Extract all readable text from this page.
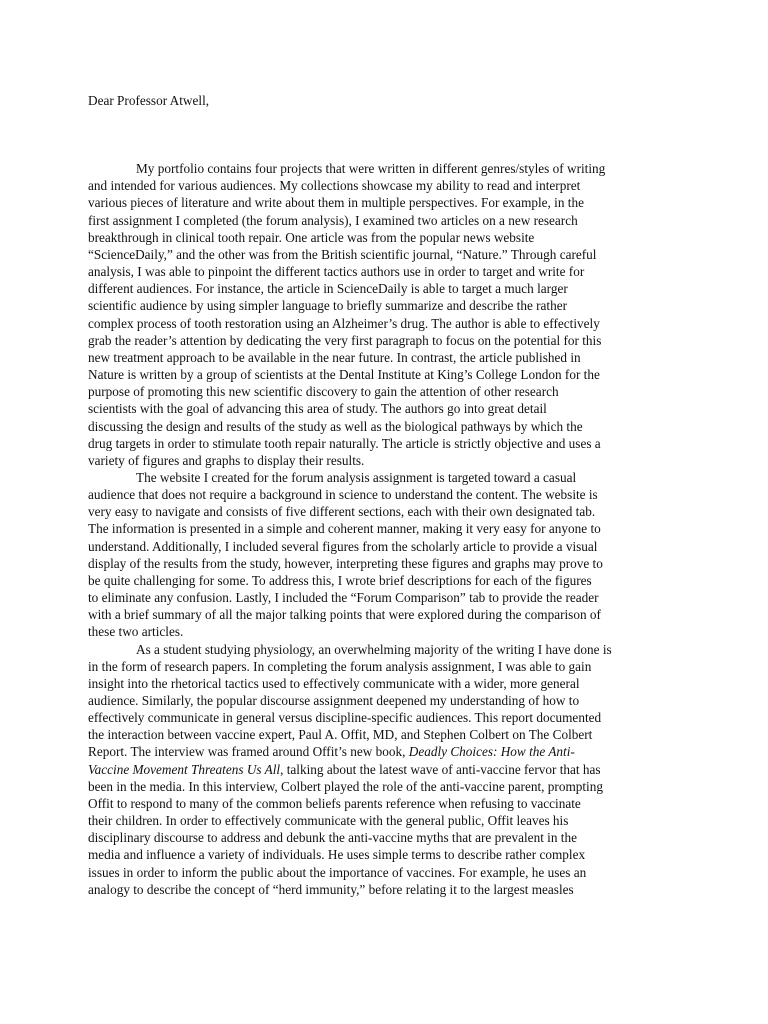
Dear Professor Atwell,

My portfolio contains four projects that were written in different genres/styles of writing
and intended for various audiences. My collections showcase my ability to read and interpret
various pieces of literature and write about them in multiple perspectives. For example, in the
first assignment I completed (the forum analysis), I examined two articles on a new research
breakthrough in clinical tooth repair. One article was from the popular news website
“ScienceDaily,” and the other was from the British scientific journal, “Nature.” Through careful
analysis, I was able to pinpoint the different tactics authors use in order to target and write for
different audiences. For instance, the article in ScienceDaily is able to target a much larger
scientific audience by using simpler language to briefly summarize and describe the rather
complex process of tooth restoration using an Alzheimer’s drug. The author is able to effectively
grab the reader’s attention by dedicating the very first paragraph to focus on the potential for this
new treatment approach to be available in the near future. In contrast, the article published in
Nature is written by a group of scientists at the Dental Institute at King’s College London for the
purpose of promoting this new scientific discovery to gain the attention of other research
scientists with the goal of advancing this area of study. The authors go into great detail
discussing the design and results of the study as well as the biological pathways by which the
drug targets in order to stimulate tooth repair naturally. The article is strictly objective and uses a
variety of figures and graphs to display their results.

The website I created for the forum analysis assignment is targeted toward a casual
audience that does not require a background in science to understand the content. The website is
very easy to navigate and consists of five different sections, each with their own designated tab.
The information is presented in a simple and coherent manner, making it very easy for anyone to
understand. Additionally, I included several figures from the scholarly article to provide a visual
display of the results from the study, however, interpreting these figures and graphs may prove to
be quite challenging for some. To address this, I wrote brief descriptions for each of the figures
to eliminate any confusion. Lastly, I included the “Forum Comparison” tab to provide the reader
with a brief summary of all the major talking points that were explored during the comparison of
these two articles.

As a student studying physiology, an overwhelming majority of the writing I have done is
in the form of research papers. In completing the forum analysis assignment, I was able to gain
insight into the rhetorical tactics used to effectively communicate with a wider, more general
audience. Similarly, the popular discourse assignment deepened my understanding of how to
effectively communicate in general versus discipline-specific audiences. This report documented
the interaction between vaccine expert, Paul A. Offit, MD, and Stephen Colbert on The Colbert
Report. The interview was framed around Offit’s new book, Deadly Choices: How the Anti-
Vaccine Movement Threatens Us All, talking about the latest wave of anti-vaccine fervor that has
been in the media. In this interview, Colbert played the role of the anti-vaccine parent, prompting
Offit to respond to many of the common beliefs parents reference when refusing to vaccinate
their children. In order to effectively communicate with the general public, Offit leaves his
disciplinary discourse to address and debunk the anti-vaccine myths that are prevalent in the
media and influence a variety of individuals. He uses simple terms to describe rather complex
issues in order to inform the public about the importance of vaccines. For example, he uses an
analogy to describe the concept of “herd immunity,” before relating it to the largest measles
